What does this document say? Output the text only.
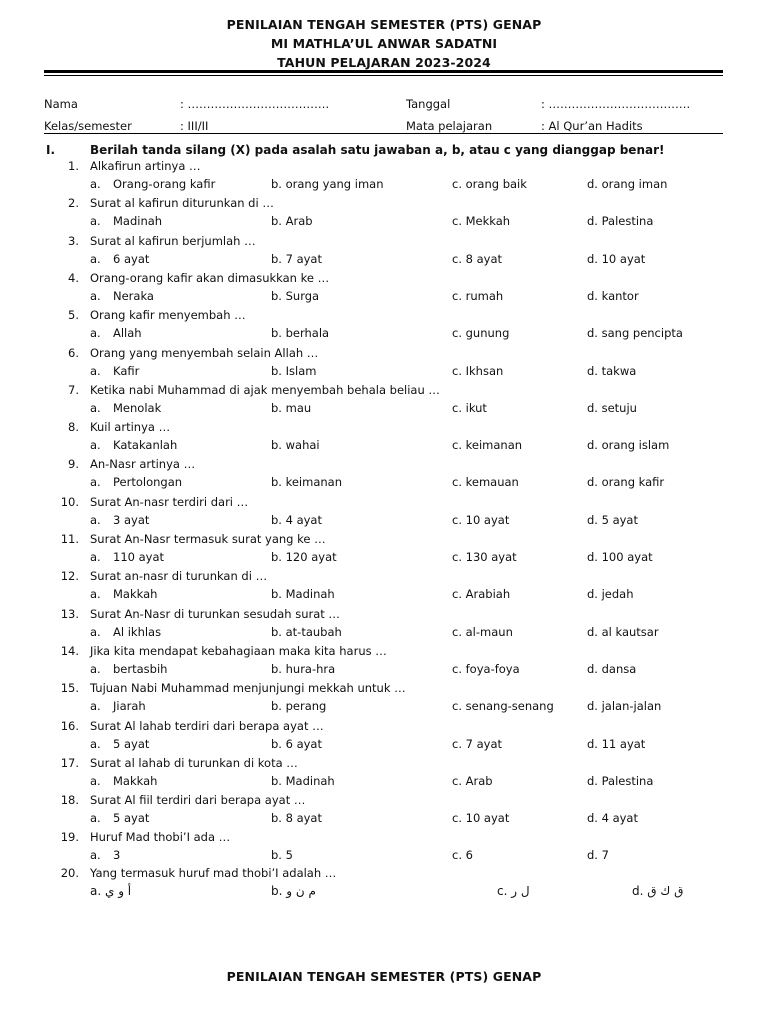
PENILAIAN TENGAH SEMESTER (PTS) GENAP
MI MATHLA’UL ANWAR SADATNI
TAHUN PELAJARAN 2023-2024
Nama	: ……………………………….	Tanggal	: ……………………………….
Kelas/semester	: III/II	Mata pelajaran	: Al Qur’an Hadits
I.	Berilah tanda silang (X) pada asalah satu jawaban a, b, atau c yang dianggap benar!
a.
1. Alkafirun artinya …
Orang-orang kafir	b. orang yang iman	c. orang baik	d. orang iman
a.
2. Surat al kafirun diturunkan di …
Madinah	b. Arab	c. Mekkah	d. Palestina
a.
3. Surat al kafirun berjumlah …
6 ayat	b. 7 ayat	c. 8 ayat	d. 10 ayat
a.
4. Orang-orang kafir akan dimasukkan ke …
Neraka	b. Surga	c. rumah	d. kantor
a.
5. Orang kafir menyembah …
Allah	b. berhala	c. gunung	d. sang pencipta
a.
6. Orang yang menyembah selain Allah …
Kafir	b. Islam	c. Ikhsan	d. takwa
a.
7. Ketika nabi Muhammad di ajak menyembah behala beliau …
Menolak	b. mau	c. ikut	d. setuju
a.
8. Kuil artinya …
Katakanlah	b. wahai	c. keimanan	d. orang islam
a.
9. An-Nasr artinya …
Pertolongan	b. keimanan	c. kemauan	d. orang kafir
a.
10. Surat An-nasr terdiri dari …
3 ayat	b. 4 ayat	c. 10 ayat	d. 5 ayat
a.
11. Surat An-Nasr termasuk surat yang ke …
110 ayat	b. 120 ayat	c. 130 ayat	d. 100 ayat
a.
12. Surat an-nasr di turunkan di …
Makkah	b. Madinah	c. Arabiah	d. jedah
a.
13. Surat An-Nasr di turunkan sesudah surat …
Al ikhlas	b. at-taubah	c. al-maun	d. al kautsar
a.
14. Jika kita mendapat kebahagiaan maka kita harus …
bertasbih	b. hura-hra	c. foya-foya	d. dansa
a.
15. Tujuan Nabi Muhammad menjunjungi mekkah untuk …
Jiarah	b. perang	c. senang-senang	d. jalan-jalan
a.
16. Surat Al lahab terdiri dari berapa ayat …
5 ayat	b. 6 ayat	c. 7 ayat	d. 11 ayat
a.
17. Surat al lahab di turunkan di kota …
Makkah	b. Madinah	c. Arab	d. Palestina
a.
18. Surat Al fiil terdiri dari berapa ayat …
5 ayat	b. 8 ayat	c. 10 ayat	d. 4 ayat
a.
19. Huruf Mad thobi’I ada …
3	b. 5	c. 6	d. 7
20. Yang termasuk huruf mad thobi’I adalah …
a. أ و ي	b. م ن و	c. ل ر	d. ق ك ق
PENILAIAN TENGAH SEMESTER (PTS) GENAP
